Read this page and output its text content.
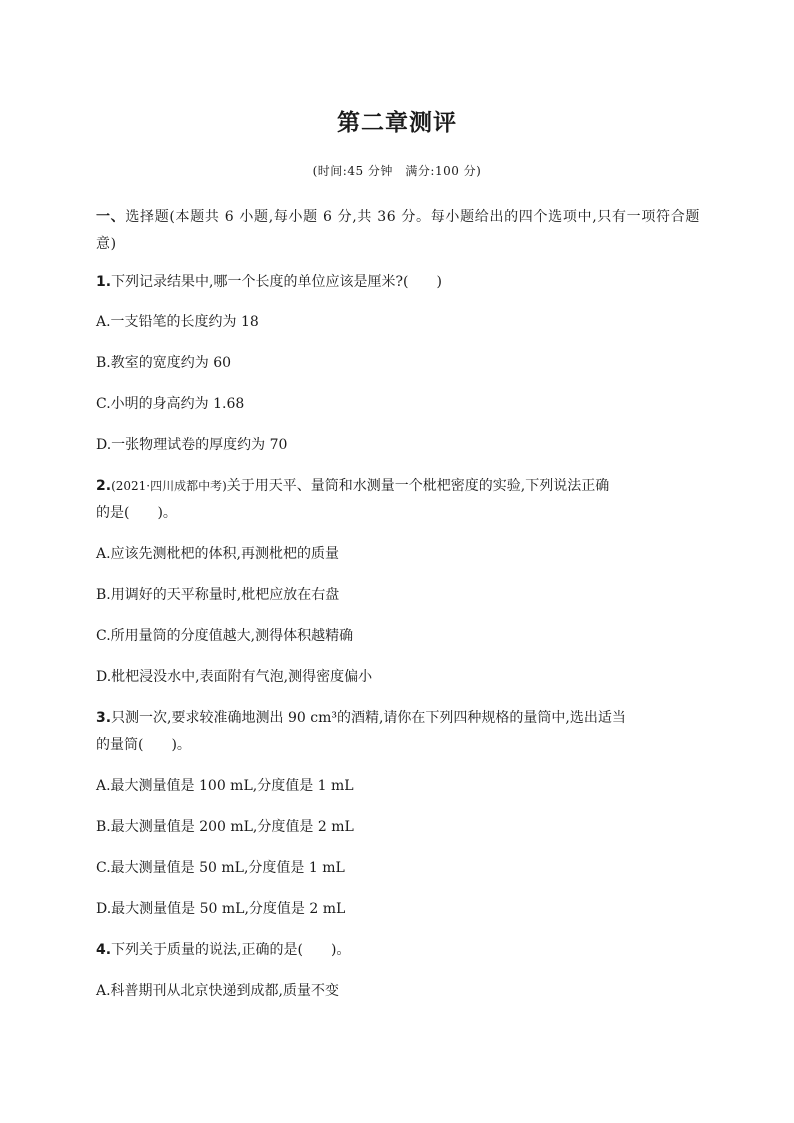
第二章测评
(时间:45 分钟　满分:100 分)
一、选择题(本题共 6 小题,每小题 6 分,共 36 分。每小题给出的四个选项中,只有一项符合题意)
1.下列记录结果中,哪一个长度的单位应该是厘米?(　　)
A.一支铅笔的长度约为 18
B.教室的宽度约为 60
C.小明的身高约为 1.68
D.一张物理试卷的厚度约为 70
2.(2021·四川成都中考)关于用天平、量筒和水测量一个枇杷密度的实验,下列说法正确
的是(　　)。
A.应该先测枇杷的体积,再测枇杷的质量
B.用调好的天平称量时,枇杷应放在右盘
C.所用量筒的分度值越大,测得体积越精确
D.枇杷浸没水中,表面附有气泡,测得密度偏小
3.只测一次,要求较准确地测出 90 cm³的酒精,请你在下列四种规格的量筒中,选出适当
的量筒(　　)。
A.最大测量值是 100 mL,分度值是 1 mL
B.最大测量值是 200 mL,分度值是 2 mL
C.最大测量值是 50 mL,分度值是 1 mL
D.最大测量值是 50 mL,分度值是 2 mL
4.下列关于质量的说法,正确的是(　　)。
A.科普期刊从北京快递到成都,质量不变
